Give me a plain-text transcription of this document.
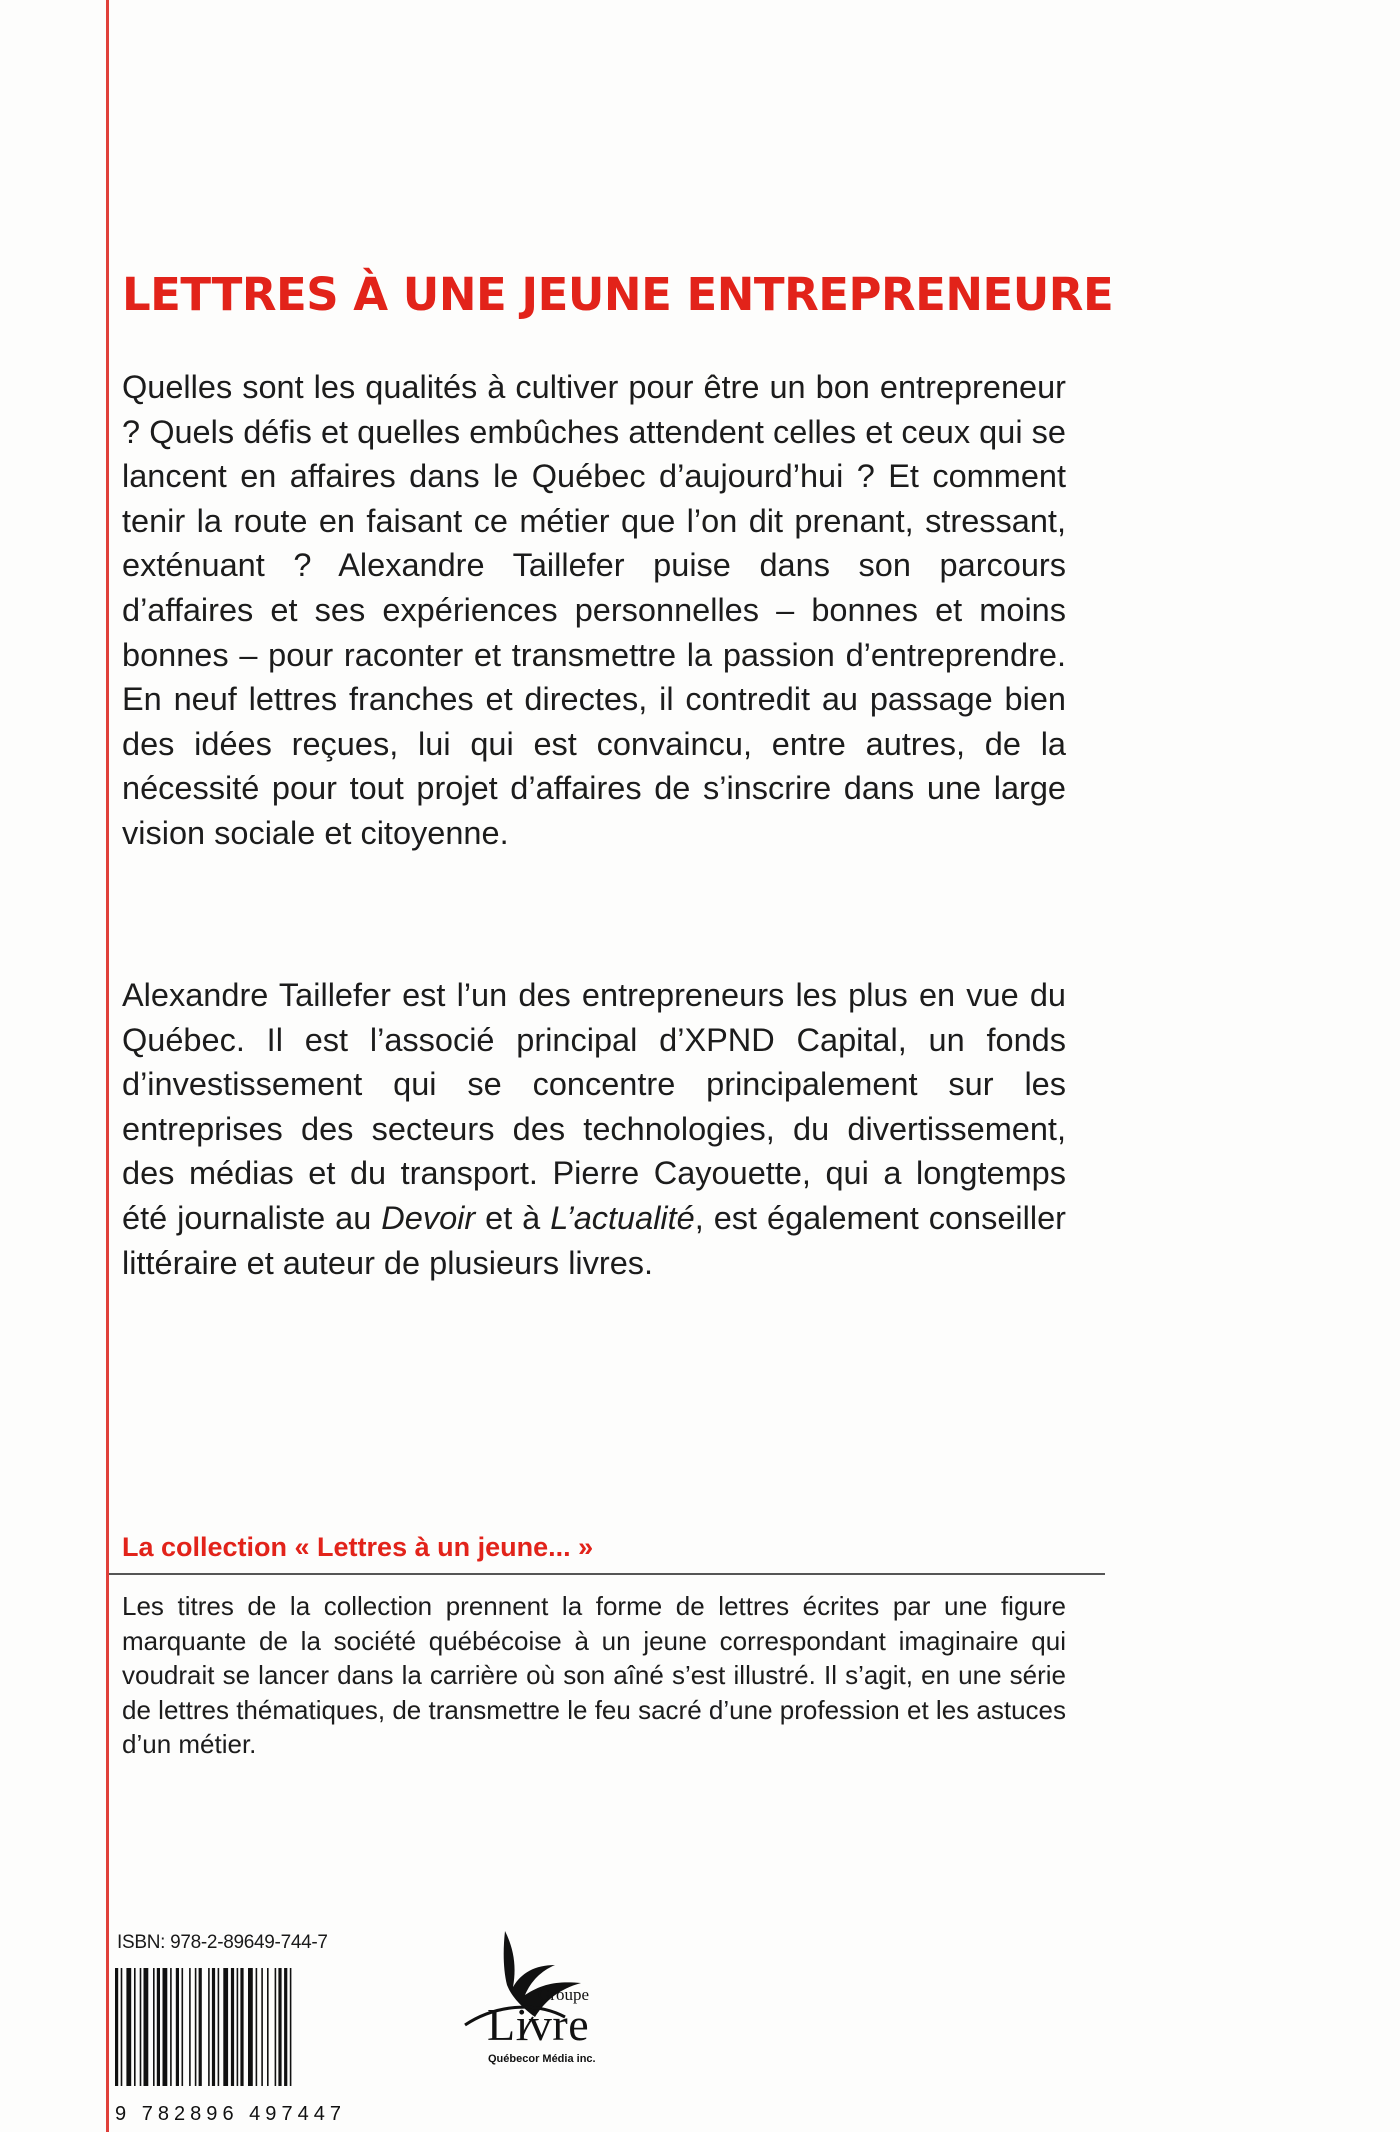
LETTRES À UNE JEUNE ENTREPRENEURE

Quelles sont les qualités à cultiver pour être un bon entrepreneur ? Quels défis et quelles embûches attendent celles et ceux qui se lancent en affaires dans le Québec d’aujourd’hui ? Et comment tenir la route en faisant ce métier que l’on dit prenant, stressant, exténuant ? Alexandre Taillefer puise dans son parcours d’affaires et ses expériences personnelles – bonnes et moins bonnes – pour raconter et transmettre la passion d’entreprendre. En neuf lettres franches et directes, il contredit au passage bien des idées reçues, lui qui est convaincu, entre autres, de la nécessité pour tout projet d’affaires de s’inscrire dans une large vision sociale et citoyenne.

Alexandre Taillefer est l’un des entrepreneurs les plus en vue du Québec. Il est l’associé principal d’XPND Capital, un fonds d’investissement qui se concentre principalement sur les entreprises des secteurs des technologies, du divertissement, des médias et du transport. Pierre Cayouette, qui a longtemps été journaliste au Devoir et à L’actualité, est également conseiller littéraire et auteur de plusieurs livres.

La collection « Lettres à un jeune... »

Les titres de la collection prennent la forme de lettres écrites par une figure marquante de la société québécoise à un jeune correspondant imaginaire qui voudrait se lancer dans la carrière où son aîné s’est illustré. Il s’agit, en une série de lettres thématiques, de transmettre le feu sacré d’une profession et les astuces d’un métier.

ISBN: 978-2-89649-744-7
9 782896 497447
Groupe
Livre
Québecor Média inc.
